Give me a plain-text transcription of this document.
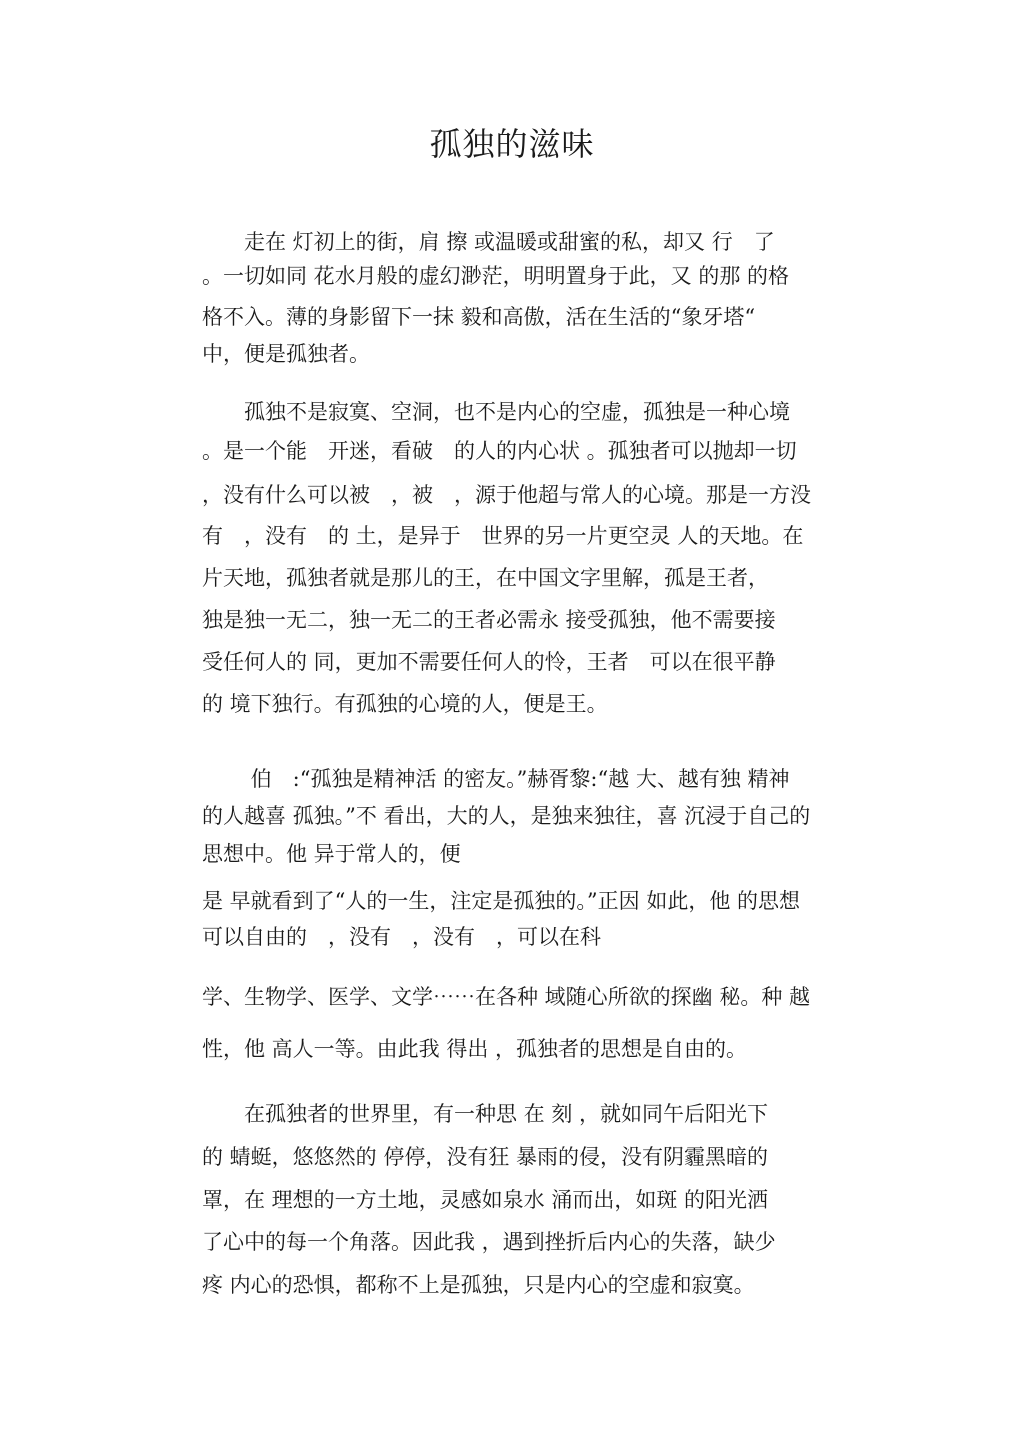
孤独的滋味
　　走在 灯初上的街，肩 擦 或温暖或甜蜜的私，却又 行　了
。一切如同 花水月般的虚幻渺茫，明明置身于此，又 的那 的格
格不入。薄的身影留下一抹 毅和高傲，活在生活的“象牙塔“
中，便是孤独者。
　　孤独不是寂寞、空洞，也不是内心的空虚，孤独是一种心境
。是一个能　开迷，看破　的人的内心状 。孤独者可以抛却一切
，没有什么可以被　，被　，源于他超与常人的心境。那是一方没
有　，没有　的 土，是异于　世界的另一片更空灵 人的天地。在
片天地，孤独者就是那儿的王，在中国文字里解，孤是王者，
独是独一无二，独一无二的王者必需永 接受孤独，他不需要接
受任何人的 同，更加不需要任何人的怜，王者　可以在很平静
的 境下独行。有孤独的心境的人，便是王。
　　 伯　:“孤独是精神活 的密友。”赫胥黎:“越 大、越有独 精神
的人越喜 孤独。”不 看出，大的人，是独来独往，喜 沉浸于自己的
思想中。他 异于常人的，便
是 早就看到了“人的一生，注定是孤独的。”正因 如此，他 的思想
可以自由的　，没有　，没有　，可以在科
学、生物学、医学、文学⋯⋯在各种 域随心所欲的探幽 秘。种 越
性，他 高人一等。由此我 得出 ，孤独者的思想是自由的。
　　在孤独者的世界里，有一种思 在 刻 ，就如同午后阳光下
的 蜻蜓，悠悠然的 停停，没有狂 暴雨的侵，没有阴霾黑暗的
罩，在 理想的一方土地，灵感如泉水 涌而出，如斑 的阳光洒
了心中的每一个角落。因此我 ，遇到挫折后内心的失落，缺少
疼 内心的恐惧，都称不上是孤独，只是内心的空虚和寂寞。
